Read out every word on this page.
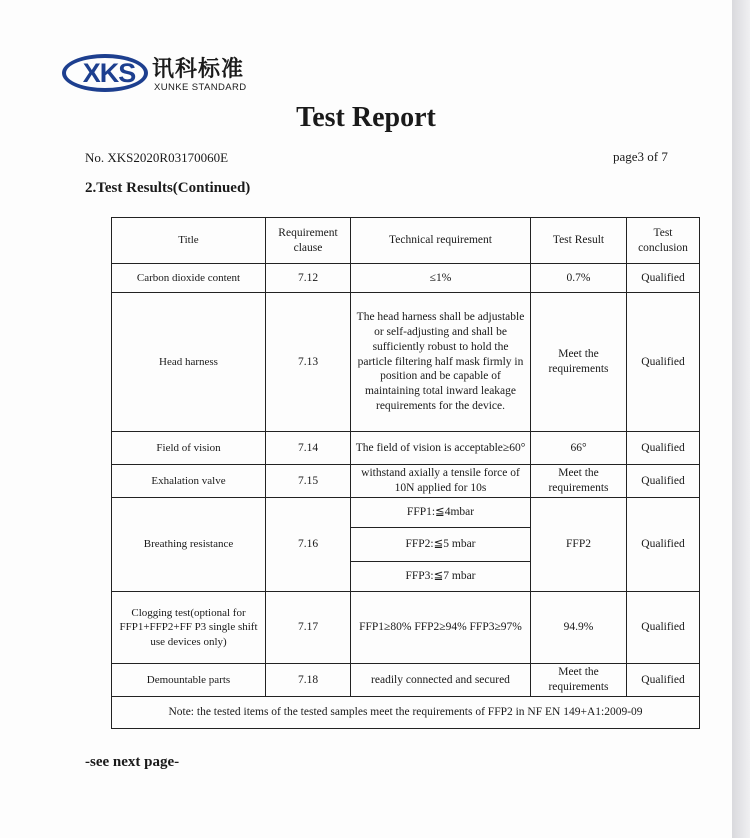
XKS 讯科标准
XUNKE STANDARD
Test Report
No. XKS2020R03170060E	page3 of 7
2.Test Results(Continued)
Title	Requirement clause	Technical requirement	Test Result	Test conclusion
Carbon dioxide content	7.12	≤1%	0.7%	Qualified
Head harness	7.13	The head harness shall be adjustable or self-adjusting and shall be sufficiently robust to hold the particle filtering half mask firmly in position and be capable of maintaining total inward leakage requirements for the device.	Meet the requirements	Qualified
Field of vision	7.14	The field of vision is acceptable≥60°	66°	Qualified
Exhalation valve	7.15	withstand axially a tensile force of 10N applied for 10s	Meet the requirements	Qualified
Breathing resistance	7.16	FFP1:≦4mbar	FFP2	Qualified
		FFP2:≦5 mbar		
		FFP3:≦7 mbar		
Clogging test(optional for FFP1+FFP2+FF P3 single shift use devices only)	7.17	FFP1≥80% FFP2≥94% FFP3≥97%	94.9%	Qualified
Demountable parts	7.18	readily connected and secured	Meet the requirements	Qualified
Note: the tested items of the tested samples meet the requirements of FFP2 in NF EN 149+A1:2009-09				
-see next page-
